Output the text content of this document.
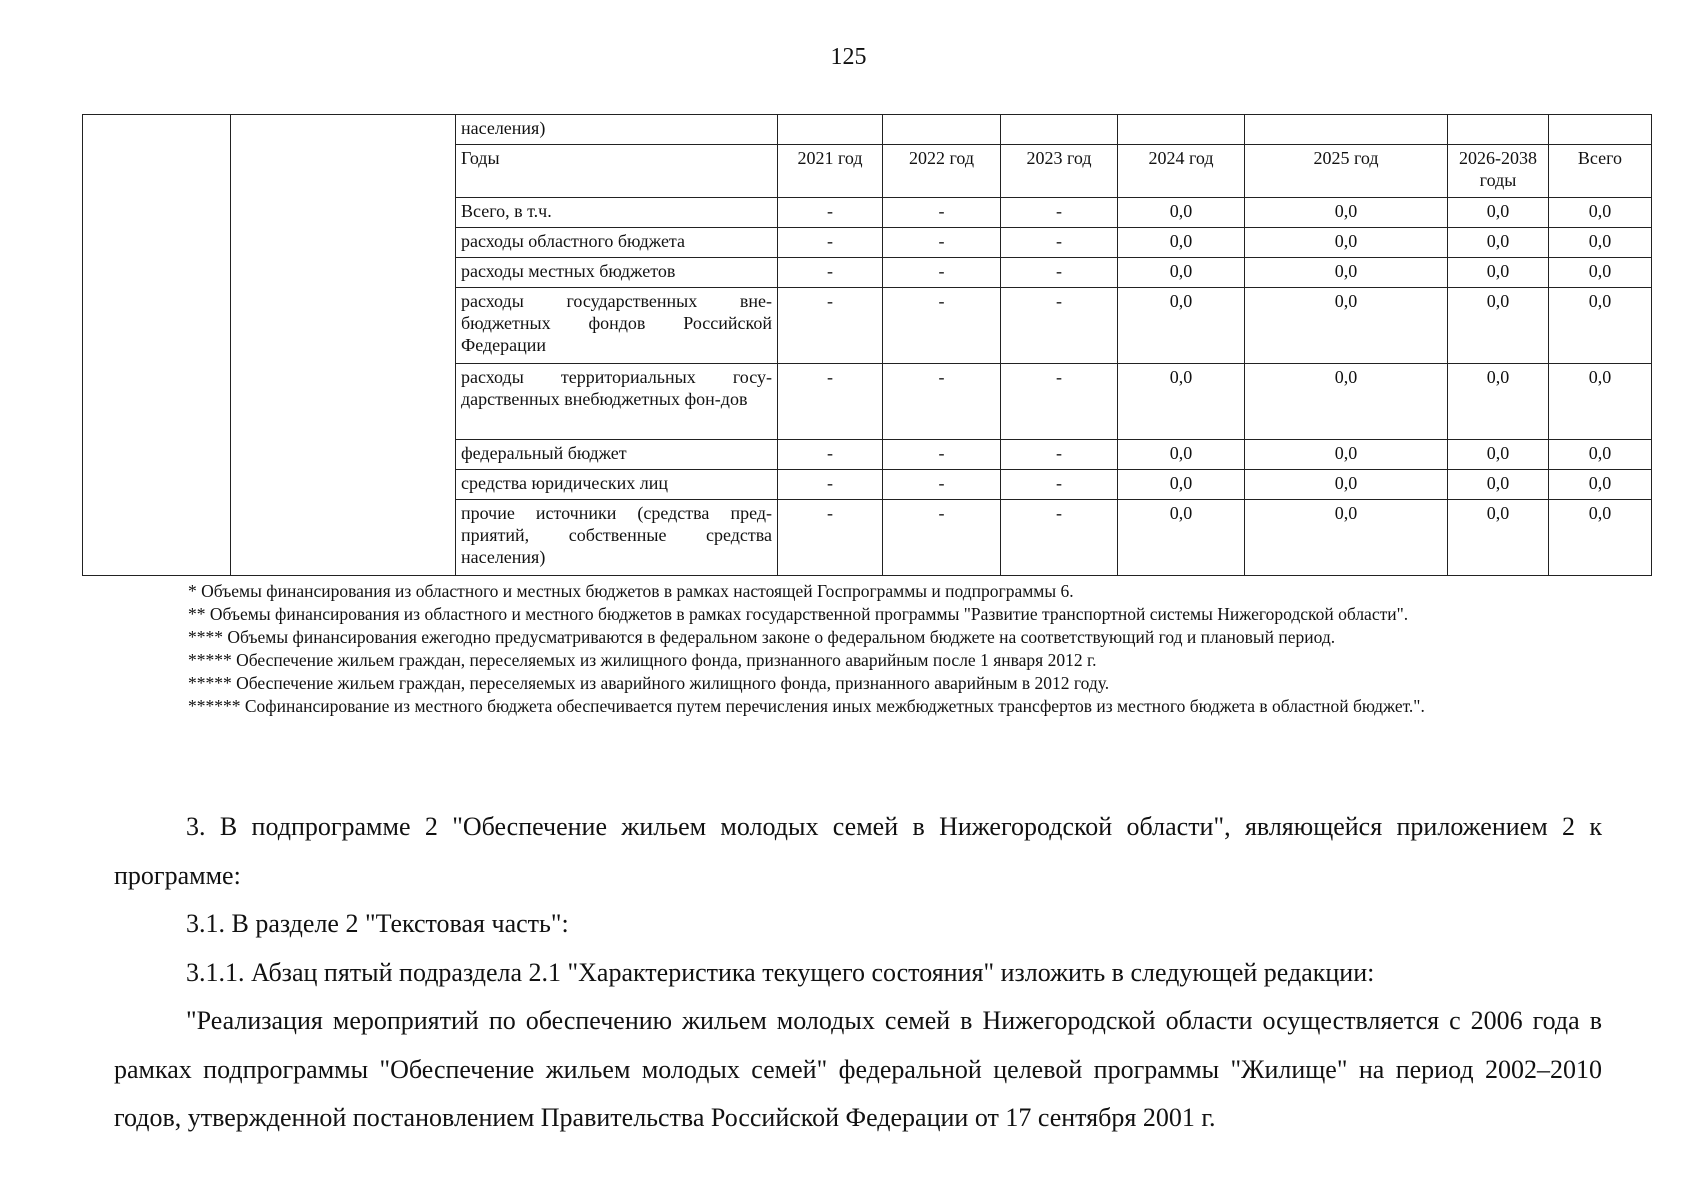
125
		населения)							
		Годы	2021 год	2022 год	2023 год	2024 год	2025 год	2026-2038 годы	Всего
		Всего, в т.ч.	-	-	-	0,0	0,0	0,0	0,0
		расходы областного бюджета	-	-	-	0,0	0,0	0,0	0,0
		расходы местных бюджетов	-	-	-	0,0	0,0	0,0	0,0
		расходы государственных вне-бюджетных фондов Российской Федерации	-	-	-	0,0	0,0	0,0	0,0
		расходы территориальных госу-дарственных внебюджетных фон-дов	-	-	-	0,0	0,0	0,0	0,0
		федеральный бюджет	-	-	-	0,0	0,0	0,0	0,0
		средства юридических лиц	-	-	-	0,0	0,0	0,0	0,0
		прочие источники (средства пред-приятий, собственные средства населения)	-	-	-	0,0	0,0	0,0	0,0

* Объемы финансирования из областного и местных бюджетов в рамках настоящей Госпрограммы и подпрограммы 6.

** Объемы финансирования из областного и местного бюджетов в рамках государственной программы "Развитие транспортной системы Нижегородской области".

**** Объемы финансирования ежегодно предусматриваются в федеральном законе о федеральном бюджете на соответствующий год и плановый период.

***** Обеспечение жильем граждан, переселяемых из жилищного фонда, признанного аварийным после 1 января 2012 г.

***** Обеспечение жильем граждан, переселяемых из аварийного жилищного фонда, признанного аварийным в 2012 году.

****** Софинансирование из местного бюджета обеспечивается путем перечисления иных межбюджетных трансфертов из местного бюджета в областной бюджет.".

3. В подпрограмме 2 "Обеспечение жильем молодых семей в Нижегородской области", являющейся приложением 2 к программе:

3.1. В разделе 2 "Текстовая часть":

3.1.1. Абзац пятый подраздела 2.1 "Характеристика текущего состояния" изложить в следующей редакции:

"Реализация мероприятий по обеспечению жильем молодых семей в Нижегородской области осуществляется с 2006 года в рамках подпрограммы "Обеспечение жильем молодых семей" федеральной целевой программы "Жилище" на период 2002–2010 годов, утвержденной постановлением Правительства Российской Федерации от 17 сентября 2001 г.
